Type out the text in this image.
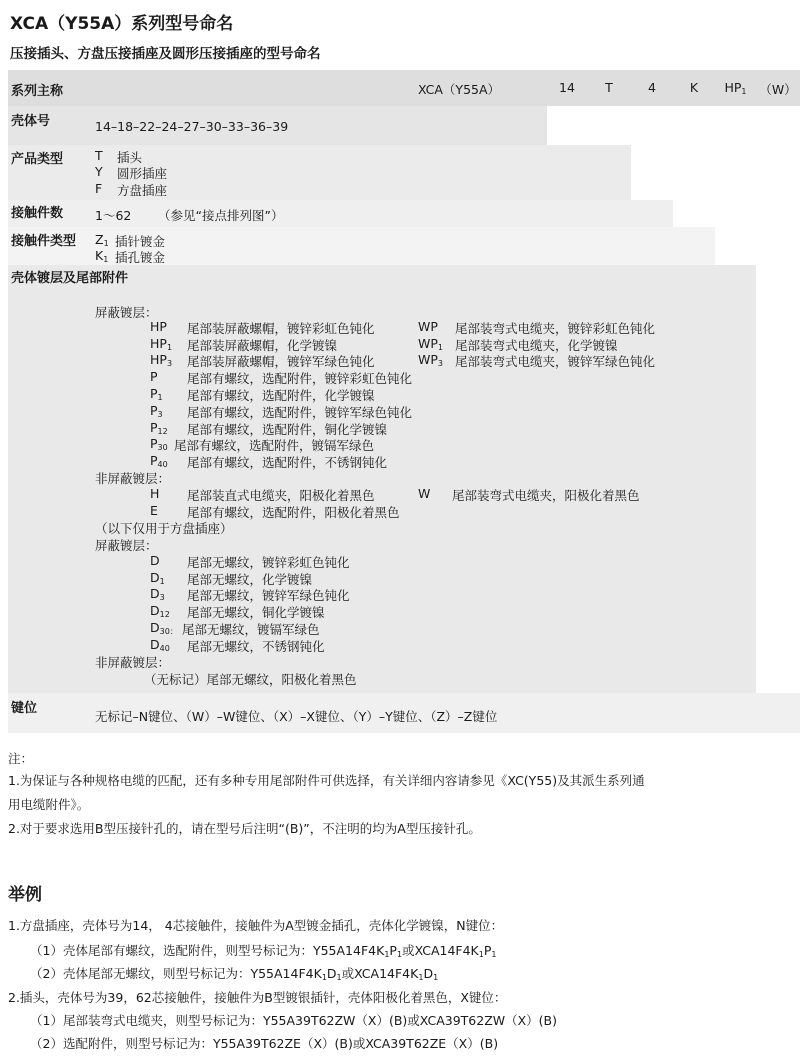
XCA（Y55A）系列型号命名
压接插头、方盘压接插座及圆形压接插座的型号命名
系列主称	XCA（Y55A）	14	T	4	K	$HP_1$	（W）
壳体号	14–18–22–24–27–30–33–36–39
产品类型	T 插头
Y 圆形插座
F 方盘插座
接触件数	1～62 （参见“接点排列图”）
接触件类型 $Z_1$ 插针镀金
$K_1$ 插孔镀金
壳体镀层及尾部附件
屏蔽镀层：
HP 尾部装屏蔽螺帽，镀锌彩虹色钝化	WP 尾部装弯式电缆夹，镀锌彩虹色钝化
$HP_1$ 尾部装屏蔽螺帽，化学镀镍	$WP_1$ 尾部装弯式电缆夹，化学镀镍
$HP_3$ 尾部装屏蔽螺帽，镀锌军绿色钝化	$WP_3$ 尾部装弯式电缆夹，镀锌军绿色钝化
P 尾部有螺纹，选配附件，镀锌彩虹色钝化
$P_1$ 尾部有螺纹，选配附件，化学镀镍
$P_3$ 尾部有螺纹，选配附件，镀锌军绿色钝化
$P_{12}$ 尾部有螺纹，选配附件，铜化学镀镍
$P_{30}$ 尾部有螺纹，选配附件，镀镉军绿色
$P_{40}$ 尾部有螺纹，选配附件，不锈钢钝化
非屏蔽镀层：
H 尾部装直式电缆夹，阳极化着黑色	W 尾部装弯式电缆夹，阳极化着黑色
E 尾部有螺纹，选配附件，阳极化着黑色
（以下仅用于方盘插座）
屏蔽镀层：
D 尾部无螺纹，镀锌彩虹色钝化
$D_1$ 尾部无螺纹，化学镀镍
$D_3$ 尾部无螺纹，镀锌军绿色钝化
$D_{12}$ 尾部无螺纹，铜化学镀镍
$D_{30:}$ 尾部无螺纹，镀镉军绿色
$D_{40}$ 尾部无螺纹，不锈钢钝化
非屏蔽镀层：
（无标记）尾部无螺纹，阳极化着黑色
键位
无标记–N键位、（W）–W键位、（X）–X键位、（Y）–Y键位、（Z）–Z键位
注：
1.为保证与各种规格电缆的匹配，还有多种专用尾部附件可供选择，有关详细内容请参见《XC(Y55)及其派生系列通
用电缆附件》。
2.对于要求选用B型压接针孔的，请在型号后注明“(B)”，不注明的均为A型压接针孔。
举例
1.方盘插座，壳体号为14， 4芯接触件，接触件为A型镀金插孔，壳体化学镀镍，N键位：
（1）壳体尾部有螺纹，选配附件，则型号标记为：$Y55A14F4K_1P_1$或$XCA14F4K_1P_1$
（2）壳体尾部无螺纹，则型号标记为：$Y55A14F4K_1D_1$或$XCA14F4K_1D_1$
2.插头，壳体号为39，62芯接触件，接触件为B型镀银插针，壳体阳极化着黑色，X键位：
（1）尾部装弯式电缆夹，则型号标记为：Y55A39T62ZW（X）(B)或XCA39T62ZW（X）(B)
（2）选配附件，则型号标记为：Y55A39T62ZE（X）(B)或XCA39T62ZE（X）(B)
